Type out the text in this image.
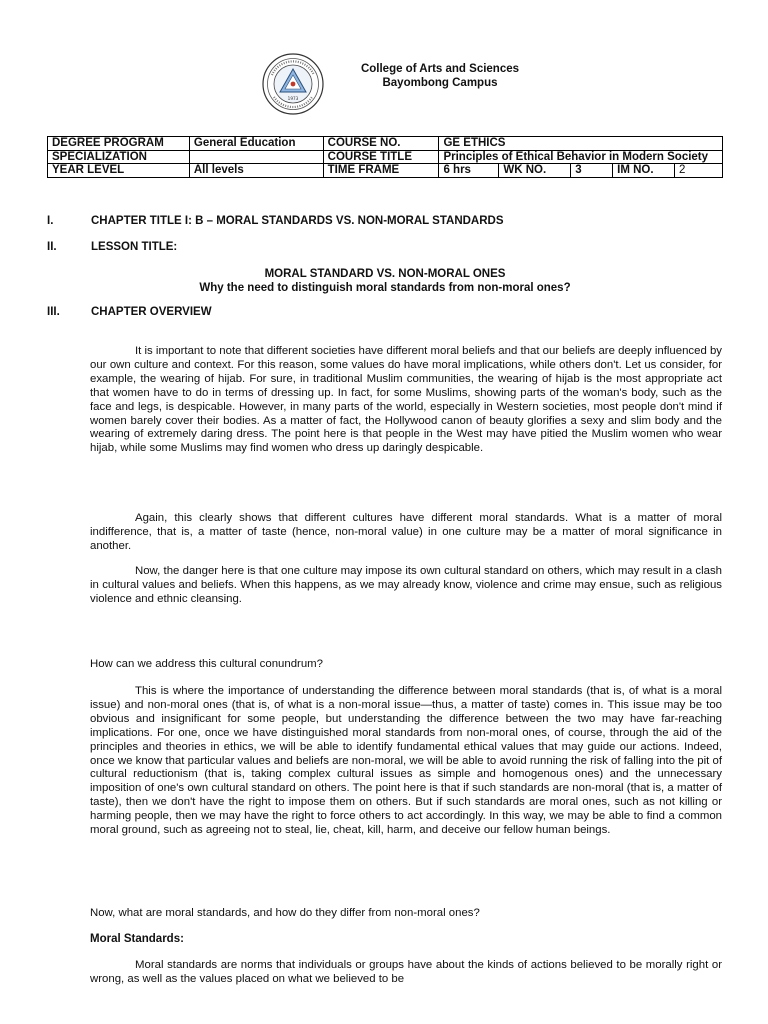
1973
College of Arts and Sciences
Bayombong Campus
DEGREE PROGRAM	General Education	COURSE NO.	GE ETHICS				
SPECIALIZATION		COURSE TITLE	Principles of Ethical Behavior in Modern Society				
YEAR LEVEL	All levels	TIME FRAME	6 hrs	WK NO.	3	IM NO.	2
I.	CHAPTER TITLE I: B – MORAL STANDARDS VS. NON-MORAL STANDARDS
II.	LESSON TITLE:
MORAL STANDARD VS. NON-MORAL ONES
Why the need to distinguish moral standards from non-moral ones?
III.	CHAPTER OVERVIEW

It is important to note that different societies have different moral beliefs and that our beliefs are deeply influenced by our own culture and context. For this reason, some values do have moral implications, while others don't. Let us consider, for example, the wearing of hijab. For sure, in traditional Muslim communities, the wearing of hijab is the most appropriate act that women have to do in terms of dressing up. In fact, for some Muslims, showing parts of the woman's body, such as the face and legs, is despicable. However, in many parts of the world, especially in Western societies, most people don't mind if women barely cover their bodies. As a matter of fact, the Hollywood canon of beauty glorifies a sexy and slim body and the wearing of extremely daring dress. The point here is that people in the West may have pitied the Muslim women who wear hijab, while some Muslims may find women who dress up daringly despicable.

Again, this clearly shows that different cultures have different moral standards. What is a matter of moral indifference, that is, a matter of taste (hence, non-moral value) in one culture may be a matter of moral significance in another.

Now, the danger here is that one culture may impose its own cultural standard on others, which may result in a clash in cultural values and beliefs. When this happens, as we may already know, violence and crime may ensue, such as religious violence and ethnic cleansing.

How can we address this cultural conundrum?

This is where the importance of understanding the difference between moral standards (that is, of what is a moral issue) and non-moral ones (that is, of what is a non-moral issue—thus, a matter of taste) comes in. This issue may be too obvious and insignificant for some people, but understanding the difference between the two may have far-reaching implications. For one, once we have distinguished moral standards from non-moral ones, of course, through the aid of the principles and theories in ethics, we will be able to identify fundamental ethical values that may guide our actions. Indeed, once we know that particular values and beliefs are non-moral, we will be able to avoid running the risk of falling into the pit of cultural reductionism (that is, taking complex cultural issues as simple and homogenous ones) and the unnecessary imposition of one's own cultural standard on others. The point here is that if such standards are non-moral (that is, a matter of taste), then we don't have the right to impose them on others. But if such standards are moral ones, such as not killing or harming people, then we may have the right to force others to act accordingly. In this way, we may be able to find a common moral ground, such as agreeing not to steal, lie, cheat, kill, harm, and deceive our fellow human beings.

Now, what are moral standards, and how do they differ from non-moral ones?

Moral Standards:

Moral standards are norms that individuals or groups have about the kinds of actions believed to be morally right or wrong, as well as the values placed on what we believed to be
